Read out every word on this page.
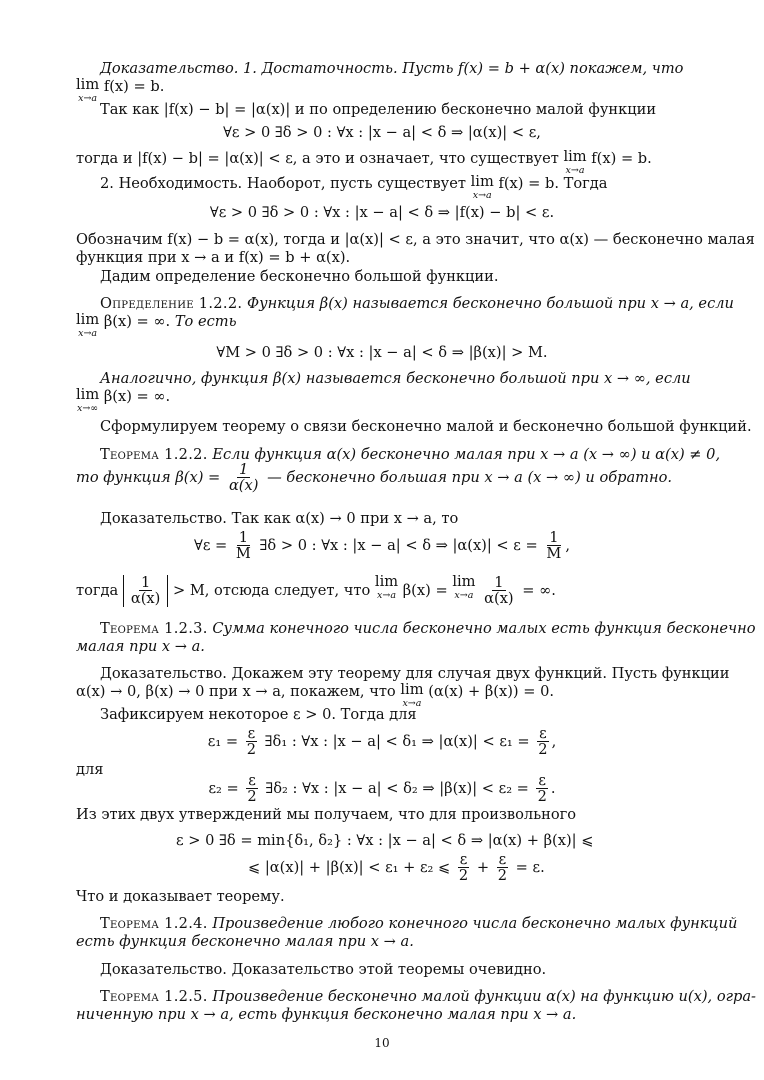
Доказательство. 1. Достаточность. Пусть f(x) = b + α(x) покажем, что
lim
x→a
f(x) = b.
Так как |f(x) − b| = |α(x)| и по определению бесконечно малой функции
∀ε > 0 ∃δ > 0 : ∀x : |x − a| < δ ⇒ |α(x)| < ε,
тогда и |f(x) − b| = |α(x)| < ε, а это и означает, что существует lim
x→a
f(x) = b.
2. Необходимость. Наоборот, пусть существует lim
x→a
f(x) = b. Тогда
∀ε > 0 ∃δ > 0 : ∀x : |x − a| < δ ⇒ |f(x) − b| < ε.
Обозначим f(x) − b = α(x), тогда и |α(x)| < ε, а это значит, что α(x) — бесконечно малая
функция при x → a и f(x) = b + α(x).
Дадим определение бесконечно большой функции.
Определение 1.2.2. Функция β(x) называется бесконечно большой при x → a, если
lim
x→a
β(x) = ∞. То есть
∀M > 0 ∃δ > 0 : ∀x : |x − a| < δ ⇒ |β(x)| > M.
Аналогично, функция β(x) называется бесконечно большой при x → ∞, если
lim
x→∞
β(x) = ∞.
Сформулируем теорему о связи бесконечно малой и бесконечно большой функций.
Теорема 1.2.2. Если функция α(x) бесконечно малая при x → a (x → ∞) и α(x) ≠ 0,
то функция $\beta(x) = \frac{1}{\alpha(x)}$ — бесконечно большая при x → a (x → ∞) и обратно.
Доказательство. Так как α(x) → 0 при x → a, то
∀ε = $\frac{1}{M}$ ∃δ > 0 : ∀x : |x − a| < δ ⇒ $|\alpha(x)| < \varepsilon = \frac{1}{M}$ ,
тогда $\frac{1}{\alpha(x)} > M$, отсюда следует, что
lim
x→a β(x) =
lim
x→a
$\frac{1}{\alpha(x)}$ = ∞.
Теорема 1.2.3. Сумма конечного числа бесконечно малых есть функция бесконечно
малая при x → a.
Доказательство. Докажем эту теорему для случая двух функций. Пусть функции
α(x) → 0, β(x) → 0 при x → a, покажем, что lim
x→a
(α(x) + β(x)) = 0.
Зафиксируем некоторое ε > 0. Тогда для
$\varepsilon_1 = \frac{\varepsilon}{2}$ ∃δ₁ : ∀x : |x − a| < δ₁ ⇒ $|\alpha(x)| < \varepsilon_1 = \frac{\varepsilon}{2}$ ,
для
$\varepsilon_2 = \frac{\varepsilon}{2}$ ∃δ₂ : ∀x : |x − a| < δ₂ ⇒ $|\beta(x)| < \varepsilon_2 = \frac{\varepsilon}{2}$ .
Из этих двух утверждений мы получаем, что для произвольного
ε > 0 ∃δ = min{δ₁, δ₂} : ∀x : |x − a| < δ ⇒ |α(x) + β(x)| ⩽
⩽ |α(x)| + |β(x)| < ε₁ + ε₂ ⩽ $\frac{\varepsilon}{2} + \frac{\varepsilon}{2} = \varepsilon$.
Что и доказывает теорему.
Теорема 1.2.4. Произведение любого конечного числа бесконечно малых функций
есть функция бесконечно малая при x → a.
Доказательство. Доказательство этой теоремы очевидно.
Теорема 1.2.5. Произведение бесконечно малой функции α(x) на функцию u(x), огра-
ниченную при x → a, есть функция бесконечно малая при x → a.
10
